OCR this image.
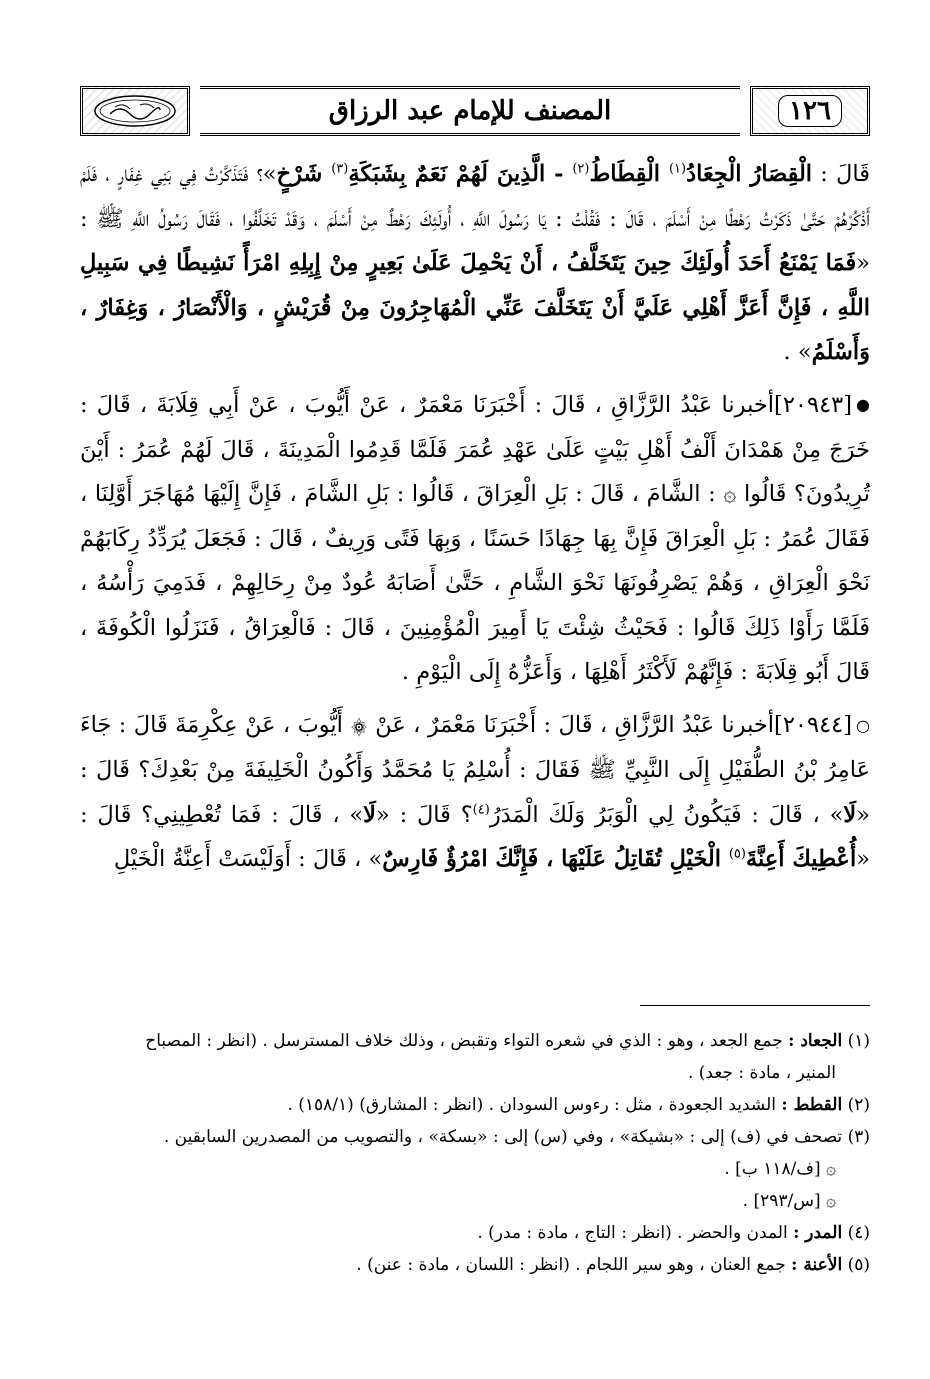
١٢٦
المصنف للإمام عبد الرزاق

قَالَ : الْقِصَارُ الْجِعَادُ$^{(١)}$ الْقِطَاطُ$^{(٢)}$ - الَّذِينَ لَهُمْ نَعَمٌ بِشَبَكَةِ$^{(٣)}$ شَرْخٍ»؟ فَتَذَكَّرْتُ فِي بَنِي غِفَارٍ ، فَلَمْ أَذْكُرْهُمْ حَتَّىٰ ذَكَرْتُ رَهْطًا مِنْ أَسْلَمَ ، قَالَ : فَقُلْتُ : يَا رَسُولَ اللَّهِ ، أُولَئِكَ رَهْطٌ مِنْ أَسْلَمَ ، وَقَدْ تَخَلَّفُوا ، فَقَالَ رَسُولُ اللَّهِ ﷺ : «فَمَا يَمْنَعُ أَحَدَ أُولَئِكَ حِينَ يَتَخَلَّفُ ، أَنْ يَحْمِلَ عَلَىٰ بَعِيرٍ مِنْ إِبِلِهِ امْرَأً نَشِيطًا فِي سَبِيلِ اللَّهِ ، فَإِنَّ أَعَزَّ أَهْلِي عَلَيَّ أَنْ يَتَخَلَّفَ عَنِّي الْمُهَاجِرُونَ مِنْ قُرَيْشٍ ، وَالْأَنْصَارُ ، وَغِفَارٌ ، وَأَسْلَمُ» .

●[٢٠٩٤٣]أخبرنا عَبْدُ الرَّزَّاقِ ، قَالَ : أَخْبَرَنَا مَعْمَرٌ ، عَنْ أَيُّوبَ ، عَنْ أَبِي قِلَابَةَ ، قَالَ : خَرَجَ مِنْ هَمْدَانَ أَلْفُ أَهْلِ بَيْتٍ عَلَىٰ عَهْدِ عُمَرَ فَلَمَّا قَدِمُوا الْمَدِينَةَ ، قَالَ لَهُمْ عُمَرُ : أَيْنَ تُرِيدُونَ؟ قَالُوا ۞ : الشَّامَ ، قَالَ : بَلِ الْعِرَاقَ ، قَالُوا : بَلِ الشَّامَ ، فَإِنَّ إِلَيْهَا مُهَاجَرَ أَوَّلِنَا ، فَقَالَ عُمَرُ : بَلِ الْعِرَاقَ فَإِنَّ بِهَا جِهَادًا حَسَنًا ، وَبِهَا فَتًى وَرِيفٌ ، قَالَ : فَجَعَلَ يُرَدِّدُ رِكَابَهُمْ نَحْوَ الْعِرَاقِ ، وَهُمْ يَصْرِفُونَهَا نَحْوَ الشَّامِ ، حَتَّىٰ أَصَابَهُ عُودٌ مِنْ رِحَالِهِمْ ، فَدَمِيَ رَأْسُهُ ، فَلَمَّا رَأَوْا ذَلِكَ قَالُوا : فَحَيْثُ شِئْتَ يَا أَمِيرَ الْمُؤْمِنِينَ ، قَالَ : فَالْعِرَاقُ ، فَنَزَلُوا الْكُوفَةَ ، قَالَ أَبُو قِلَابَةَ : فَإِنَّهُمْ لَأَكْثَرُ أَهْلِهَا ، وَأَعَزُّهُ إِلَى الْيَوْمِ .

○[٢٠٩٤٤]أخبرنا عَبْدُ الرَّزَّاقِ ، قَالَ : أَخْبَرَنَا مَعْمَرٌ ، عَنْ ۞ أَيُّوبَ ، عَنْ عِكْرِمَةَ قَالَ : جَاءَ عَامِرُ بْنُ الطُّفَيْلِ إِلَى النَّبِيِّ ﷺ فَقَالَ : أُسْلِمُ يَا مُحَمَّدُ وَأَكُونُ الْخَلِيفَةَ مِنْ بَعْدِكَ؟ قَالَ : «لَا» ، قَالَ : فَيَكُونُ لِي الْوَبَرُ وَلَكَ الْمَدَرُ$^{(٤)}$؟ قَالَ : «لَا» ، قَالَ : فَمَا تُعْطِينِي؟ قَالَ : «أُعْطِيكَ أَعِنَّةَ$^{(٥)}$ الْخَيْلِ تُقَاتِلُ عَلَيْهَا ، فَإِنَّكَ امْرُؤٌ فَارِسٌ» ، قَالَ : أَوَلَيْسَتْ أَعِنَّةُ الْخَيْلِ

(١) الجعاد : جمع الجعد ، وهو : الذي في شعره التواء وتقبض ، وذلك خلاف المسترسل . (انظر : المصباح

المنير ، مادة : جعد) .

(٢) القطط : الشديد الجعودة ، مثل : رءوس السودان . (انظر : المشارق) (١٥٨/١) .

(٣) تصحف في (ف) إلى : «بشيكة» ، وفي (س) إلى : «بسكة» ، والتصويب من المصدرين السابقين .

۞ [ف/١١٨ ب] .

۞ [س/٢٩٣] .

(٤) المدر : المدن والحضر . (انظر : التاج ، مادة : مدر) .

(٥) الأعنة : جمع العنان ، وهو سير اللجام . (انظر : اللسان ، مادة : عنن) .
